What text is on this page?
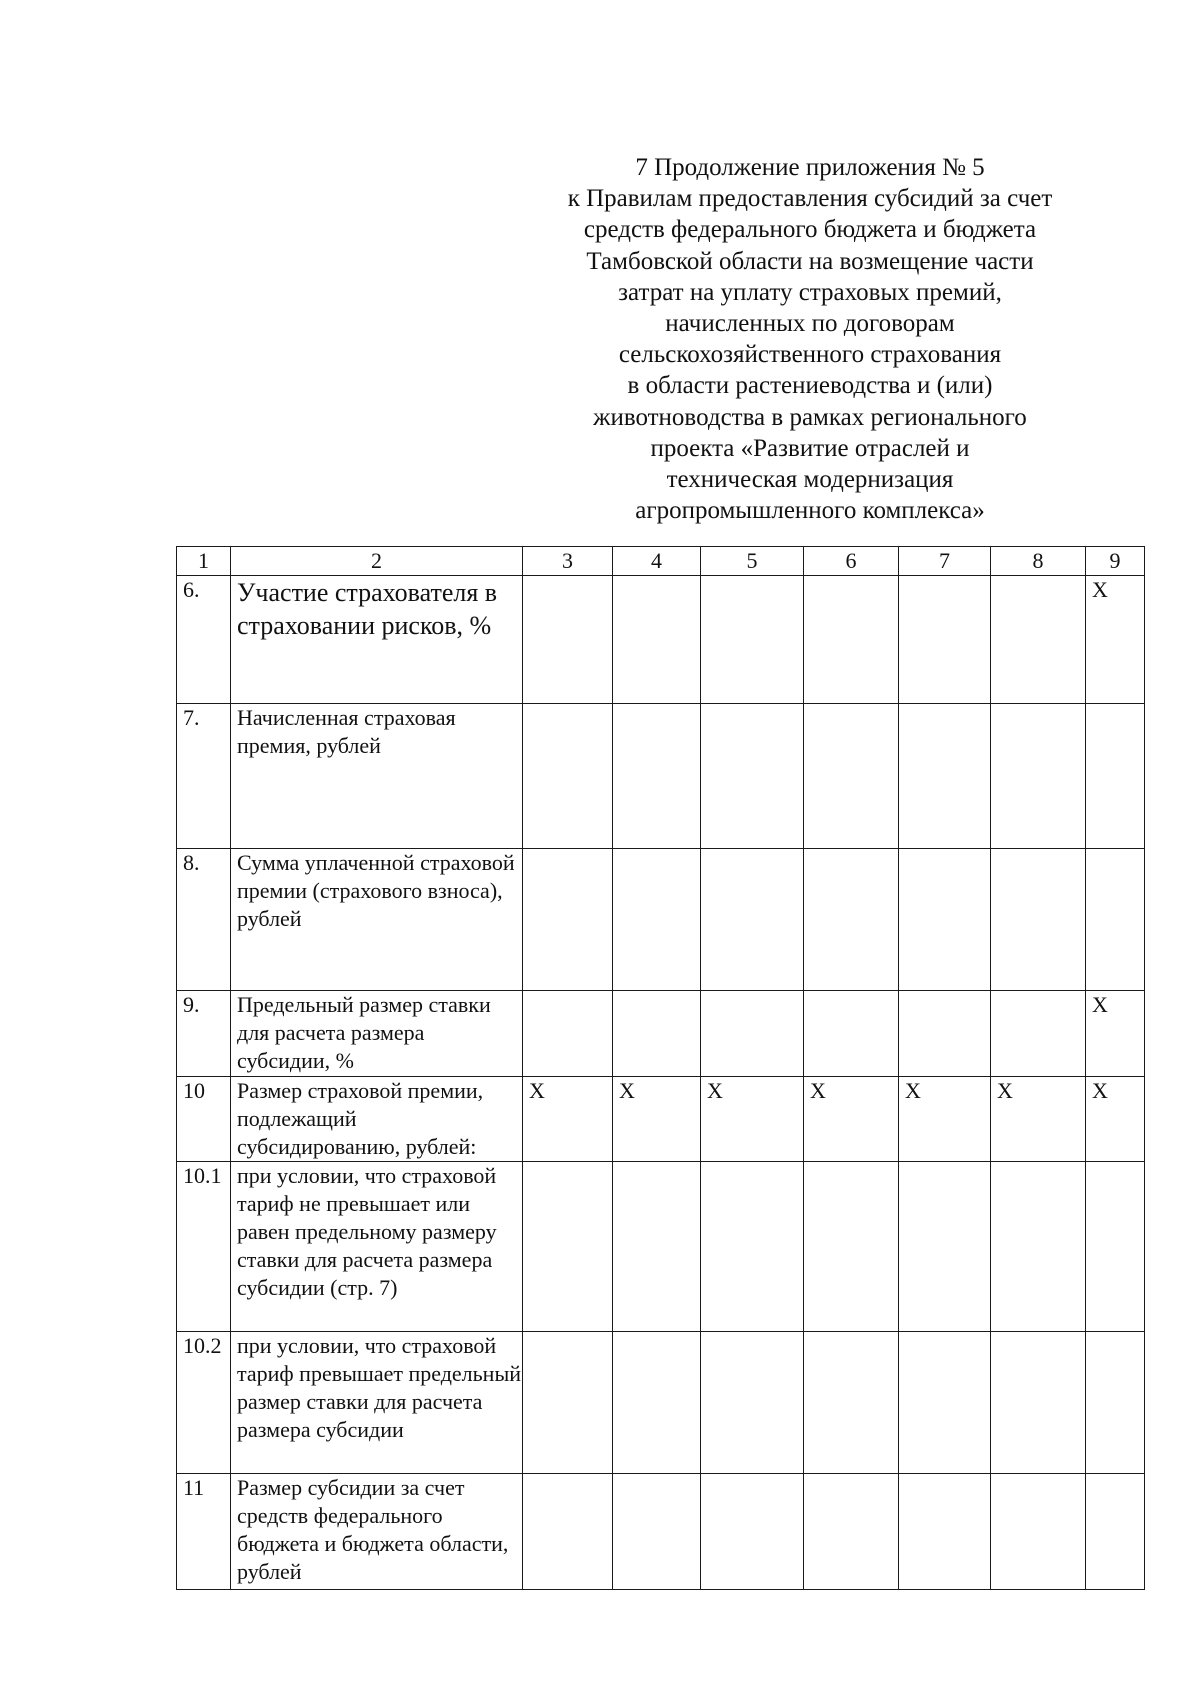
7 Продолжение приложения № 5
к Правилам предоставления субсидий за счет
средств федерального бюджета и бюджета
Тамбовской области на возмещение части
затрат на уплату страховых премий,
начисленных по договорам
сельскохозяйственного страхования
в области растениеводства и (или)
животноводства в рамках регионального
проекта «Развитие отраслей и
техническая модернизация
агропромышленного комплекса»
1	2	3	4	5	6	7	8	9
6.	Участие страхователя в страховании рисков, %							X
7.	Начисленная страховая премия, рублей							
8.	Сумма уплаченной страховой премии (страхового взноса), рублей							
9.	Предельный размер ставки для расчета размера субсидии, %							X
10	Размер страховой премии, подлежащий субсидированию, рублей:	X	X	X	X	X	X	X
10.1	при условии, что страховой тариф не превышает или равен предельному размеру ставки для расчета размера субсидии (стр. 7)							
10.2	при условии, что страховой тариф превышает предельный размер ставки для расчета размера субсидии							
11	Размер субсидии за счет средств федерального бюджета и бюджета области, рублей							
